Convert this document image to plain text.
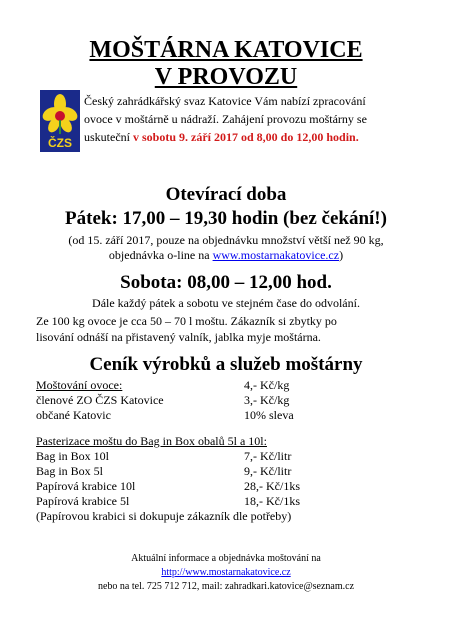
MOŠTÁRNA KATOVICE
V PROVOZU
ČZS
Český zahrádkářský svaz Katovice Vám nabízí zpracování
ovoce v moštárně u nádraží. Zahájení provozu moštárny se
uskuteční v sobotu 9. září 2017 od 8,00 do 12,00 hodin.
Otevírací doba
Pátek: 17,00 – 19,30 hodin (bez čekání!)
(od 15. září 2017, pouze na objednávku množství větší než 90 kg,
objednávka o-line na www.mostarnakatovice.cz)
Sobota: 08,00 – 12,00 hod.
Dále každý pátek a sobotu ve stejném čase do odvolání.
Ze 100 kg ovoce je cca 50 – 70 l moštu. Zákazník si zbytky po
lisování odnáší na přistavený valník, jablka myje moštárna.
Ceník výrobků a služeb moštárny
Moštování ovoce:	4,- Kč/kg
členové ZO ČZS Katovice	3,- Kč/kg
občané Katovic	10% sleva
Pasterizace moštu do Bag in Box obalů 5l a 10l:
Bag in Box 10l	7,- Kč/litr
Bag in Box 5l	9,- Kč/litr
Papírová krabice 10l	28,- Kč/1ks
Papírová krabice 5l	18,- Kč/1ks
(Papírovou krabici si dokupuje zákazník dle potřeby)
Aktuální informace a objednávka moštování na
http://www.mostarnakatovice.cz
nebo na tel. 725 712 712, mail: zahradkari.katovice@seznam.cz
